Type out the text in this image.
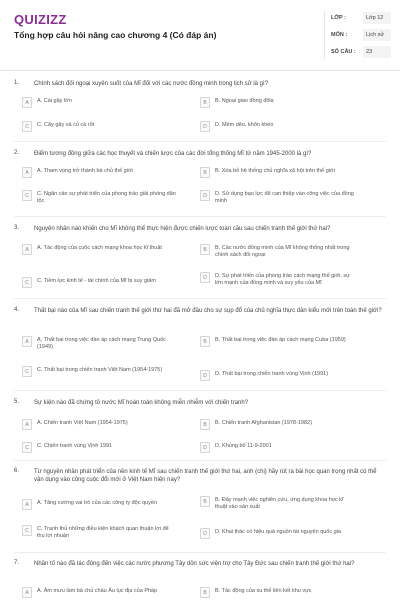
QUIZIZZ
Tổng hợp câu hỏi nâng cao chương 4 (Có đáp án)
LỚP :	Lớp 12
MÔN :	Lịch sử
SỐ CÂU :	23
1. Chính sách đối ngoại xuyên suốt của Mĩ đối với các nước đồng minh trong lịch sử là gì?
A	A. Cái gậy lớn	B	B. Ngoại giao đồng đôla
C	C. Cây gậy và củ cà rốt	D	D. Mềm dẻo, khôn khéo
2. Điểm tương đồng giữa các học thuyết và chiến lược của các đời tổng thống Mĩ từ năm 1945-2000 là gì?
A	A. Tham vọng trở thành bá chủ thế giới	B	B. Xóa bỏ hệ thống chủ nghĩa xã hội trên thế giới
C	C. Ngăn cản sự phát triển của phong trào giải phóng dân tộc
D	D. Sử dụng bạo lực để can thiệp vào công việc của đồng minh
3. Nguyên nhân nào khiến cho Mĩ không thể thực hiện được chiến lược toàn cầu sau chiến tranh thế giới thứ hai?
A	A. Tác động của cuộc cách mạng khoa học kĩ thuật	B	B. Các nước đồng minh của Mĩ không thống nhất trong chính sách đối ngoại
C	C. Tiềm lực kinh tế - tài chính của Mĩ bị suy giảm	D	D. Sự phát triển của phong trào cách mạng thế giới, sự lớn mạnh của đồng minh và suy yếu của Mĩ
4. Thất bại nào của Mĩ sau chiến tranh thế giới thứ hai đã mở đầu cho sự sụp đổ của chủ nghĩa thực dân kiểu mới trên toàn thế giới?
A	A. Thất bại trong việc đàn áp cách mạng Trung Quốc (1949)
B	B. Thất bại trong việc đàn áp cách mạng Cuba (1959)
C	C. Thất bại trong chiến tranh Việt Nam (1954-1975)
D	D. Thất bại trong chiến tranh vùng Vịnh (1991)
5. Sự kiện nào đã chứng tỏ nước Mĩ hoàn toàn không miễn nhiễm với chiến tranh?
A	A. Chiến tranh Việt Nam (1954-1975)	B	B. Chiến tranh Afghanistan (1978-1982)
C	C. Chiến tranh vùng Vịnh 1991	D	D. Khủng bố 11-9-2001
6. Từ nguyên nhân phát triển của nền kinh tế Mĩ sau chiến tranh thế giới thứ hai, anh (chị) hãy rút ra bài học quan trọng nhất có thể vận dụng vào công cuộc đổi mới ở Việt Nam hiện nay?
A	A. Tăng cường vai trò của các công ty độc quyền	B	B. Đẩy mạnh việc nghiên cứu, ứng dụng khoa học kĩ thuật vào sản xuất
C	C. Tranh thủ những điều kiện khách quan thuận lợi để thu lợi nhuận	D	D. Khai thác có hiệu quả nguồn tài nguyên quốc gia
7. Nhân tố nào đã tác động đến việc các nước phương Tây dồn sức viện trợ cho Tây Đức sau chiến tranh thế giới thứ hai?
A	A. Âm mưu làm bá chủ châu Âu lục địa của Pháp	B	B. Tác động của xu thế liên kết khu vực
